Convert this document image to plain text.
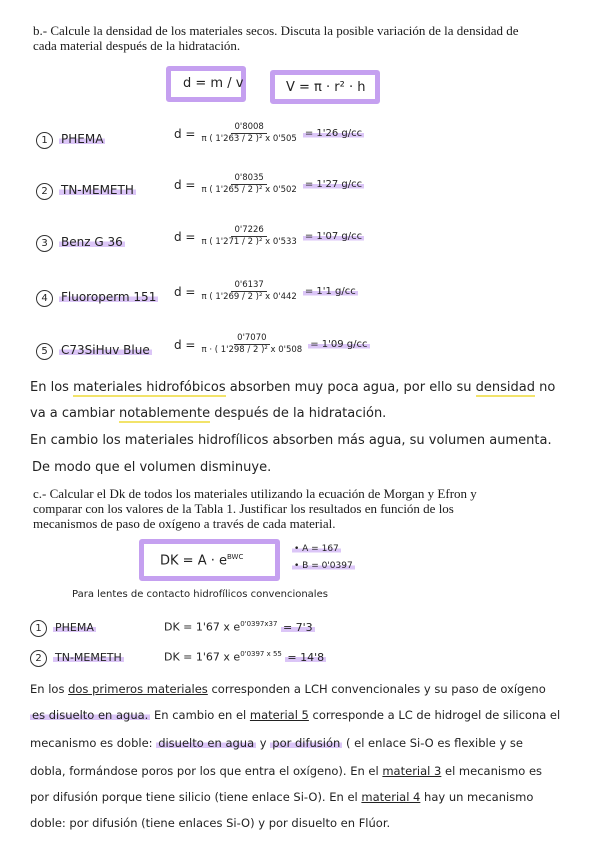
b.- Calcule la densidad de los materiales secos. Discuta la posible variación de la densidad de cada material después de la hidratación.
d = m / v	V = π · r² · h
1 PHEMA	$d = \frac{0'8008}{\text{π ( 1'263 / 2 )² x 0'505}} = 1'26$ g/cc
2 TN-MEMETH	$d = \frac{0'8035}{\text{π ( 1'265 / 2 )² x 0'502}} = 1'27$ g/cc
3 Benz G 36	$d = \frac{0'7226}{\text{π ( 1'271 / 2 )² x 0'533}} = 1'07$ g/cc
4 Fluoroperm 151 $d = \frac{0'6137}{\text{π ( 1'269 / 2 )² x 0'442}} = 1'1$ g/cc
5 C73SiHuv Blue $d = \frac{0'7070}{\text{π · ( 1'298 / 2 )² x 0'508}} = 1'09$ g/cc
En los materiales hidrofóbicos absorben muy poca agua, por ello su densidad no
va a cambiar notablemente después de la hidratación.
En cambio los materiales hidrofílicos absorben más agua, su volumen aumenta.
De modo que el volumen disminuye.
c.- Calcular el Dk de todos los materiales utilizando la ecuación de Morgan y Efron y comparar con los valores de la Tabla 1. Justificar los resultados en función de los mecanismos de paso de oxígeno a través de cada material.
DK = $A \cdot e^{BWC}$
• A = 167
• B = 0'0397
Para lentes de contacto hidrofílicos convencionales
1 PHEMA	DK = 1'67 x $e^{0'0397x37} = 7'3$
2 TN-MEMETH	DK = 1'67 x $e^{0'0397 x 55} = 14'8$
En los dos primeros materiales corresponden a LCH convencionales y su paso de oxígeno
es disuelto en agua. En cambio en el material 5 corresponde a LC de hidrogel de silicona el
mecanismo es doble: disuelto en agua y por difusión ( el enlace Si-O es flexible y se
dobla, formándose poros por los que entra el oxígeno). En el material 3 el mecanismo es
por difusión porque tiene silicio (tiene enlace Si-O). En el material 4 hay un mecanismo
doble: por difusión (tiene enlaces Si-O) y por disuelto en Flúor.
